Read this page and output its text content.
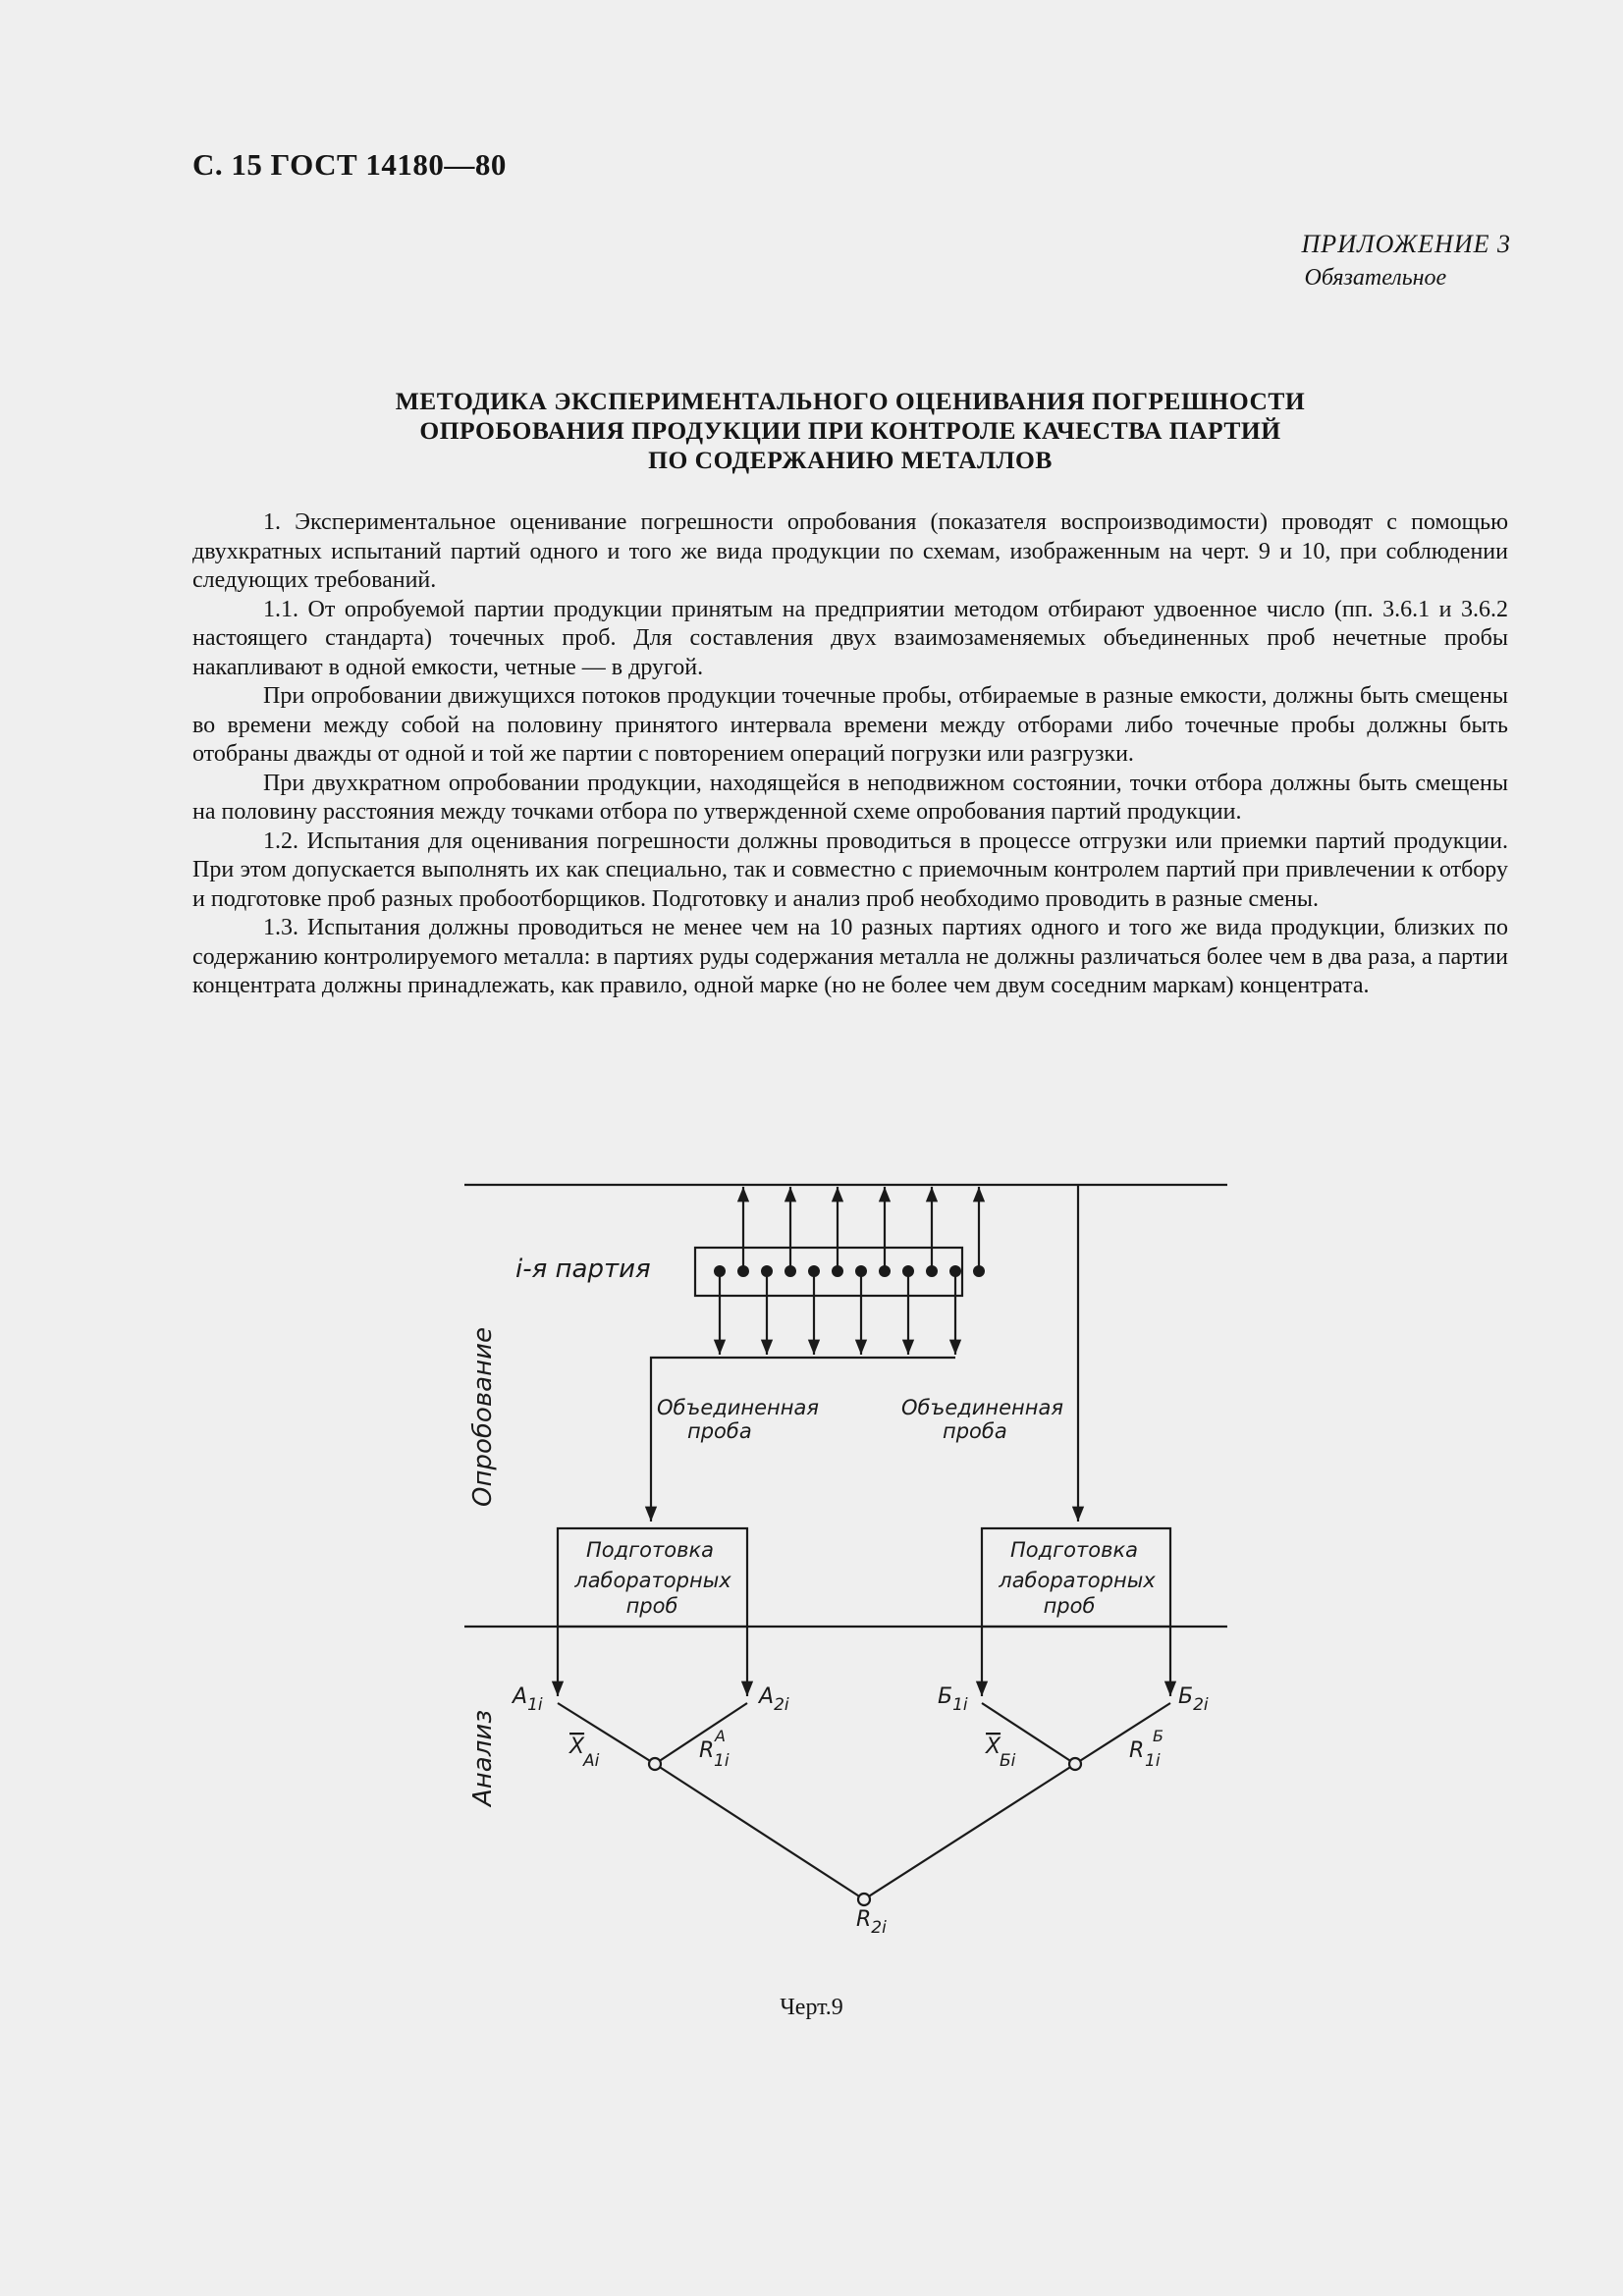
С. 15 ГОСТ 14180—80
ПРИЛОЖЕНИЕ 3
Обязательное
МЕТОДИКА ЭКСПЕРИМЕНТАЛЬНОГО ОЦЕНИВАНИЯ ПОГРЕШНОСТИ
ОПРОБОВАНИЯ ПРОДУКЦИИ ПРИ КОНТРОЛЕ КАЧЕСТВА ПАРТИЙ
ПО СОДЕРЖАНИЮ МЕТАЛЛОВ

1. Экспериментальное оценивание погрешности опробования (показателя воспроизводимости) проводят с помощью двухкратных испытаний партий одного и того же вида продукции по схемам, изображенным на черт. 9 и 10, при соблюдении следующих требований.

1.1. От опробуемой партии продукции принятым на предприятии методом отбирают удвоенное число (пп. 3.6.1 и 3.6.2 настоящего стандарта) точечных проб. Для составления двух взаимозаменяемых объединенных проб нечетные пробы накапливают в одной емкости, четные — в другой.

При опробовании движущихся потоков продукции точечные пробы, отбираемые в разные емкости, должны быть смещены во времени между собой на половину принятого интервала времени между отборами либо точечные пробы должны быть отобраны дважды от одной и той же партии с повторением операций погрузки или разгрузки.

При двухкратном опробовании продукции, находящейся в неподвижном состоянии, точки отбора должны быть смещены на половину расстояния между точками отбора по утвержденной схеме опробования партий продукции.

1.2. Испытания для оценивания погрешности должны проводиться в процессе отгрузки или приемки партий продукции. При этом допускается выполнять их как специально, так и совместно с приемочным контролем партий при привлечении к отбору и подготовке проб разных пробоотборщиков. Подготовку и анализ проб необходимо проводить в разные смены.

1.3. Испытания должны проводиться не менее чем на 10 разных партиях одного и того же вида продукции, близких по содержанию контролируемого металла: в партиях руды содержания металла не должны различаться более чем в два раза, а партии концентрата должны принадлежать, как правило, одной марке (но не более чем двум соседним маркам) концентрата.

i-я партия
Опробование
Анализ
Объединенная
проба
Объединенная
проба
Подготовка
лабораторных
проб
Подготовка
лабораторных
проб
$A_{1i}$	$A_{2i}$	$Б_{1i}$	$Б_{2i}$
X
Ai
X
Бi
R
A
1i	R
Б
1i
$R_{2i}$
Черт.9
